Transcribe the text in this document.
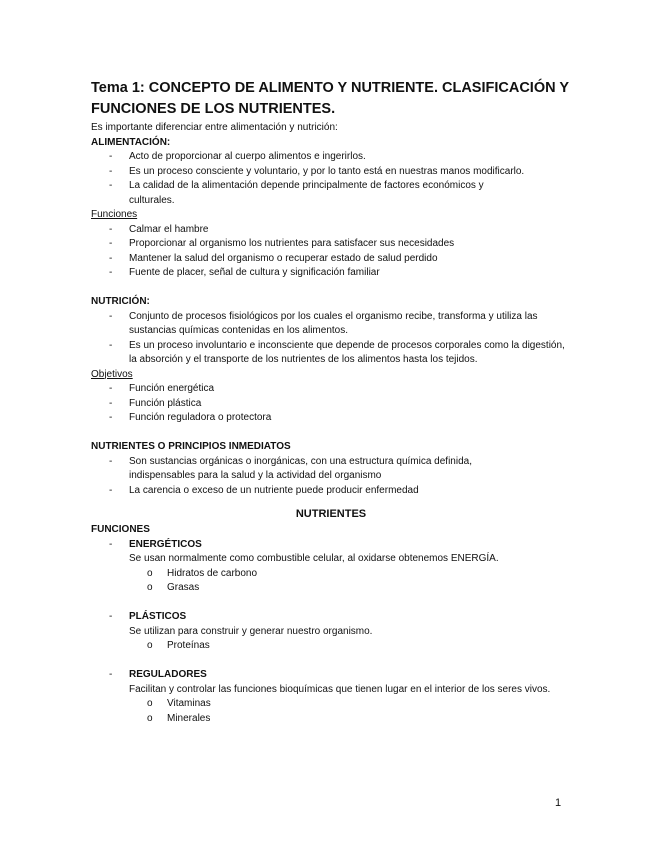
Tema 1: CONCEPTO DE ALIMENTO Y NUTRIENTE. CLASIFICACIÓN Y FUNCIONES DE LOS NUTRIENTES.

Es importante diferenciar entre alimentación y nutrición:

ALIMENTACIÓN:

- Acto de proporcionar al cuerpo alimentos e ingerirlos.
- Es un proceso consciente y voluntario, y por lo tanto está en nuestras manos modificarlo.
- La calidad de la alimentación depende principalmente de factores económicos y culturales.

Funciones

- Calmar el hambre
- Proporcionar al organismo los nutrientes para satisfacer sus necesidades
- Mantener la salud del organismo o recuperar estado de salud perdido
- Fuente de placer, señal de cultura y significación familiar

NUTRICIÓN:

- Conjunto de procesos fisiológicos por los cuales el organismo recibe, transforma y utiliza las sustancias químicas contenidas en los alimentos.
- Es un proceso involuntario e inconsciente que depende de procesos corporales como la digestión, la absorción y el transporte de los nutrientes de los alimentos hasta los tejidos.

Objetivos

- Función energética
- Función plástica
- Función reguladora o protectora

NUTRIENTES O PRINCIPIOS INMEDIATOS

- Son sustancias orgánicas o inorgánicas, con una estructura química definida, indispensables para la salud y la actividad del organismo
- La carencia o exceso de un nutriente puede producir enfermedad

NUTRIENTES

FUNCIONES

- ENERGÉTICOS

Se usan normalmente como combustible celular, al oxidarse obtenemos ENERGÍA.

o Hidratos de carbono
o Grasas
- PLÁSTICOS

Se utilizan para construir y generar nuestro organismo.

o Proteínas
- REGULADORES

Facilitan y controlar las funciones bioquímicas que tienen lugar en el interior de los seres vivos.

o Vitaminas
o Minerales
1
